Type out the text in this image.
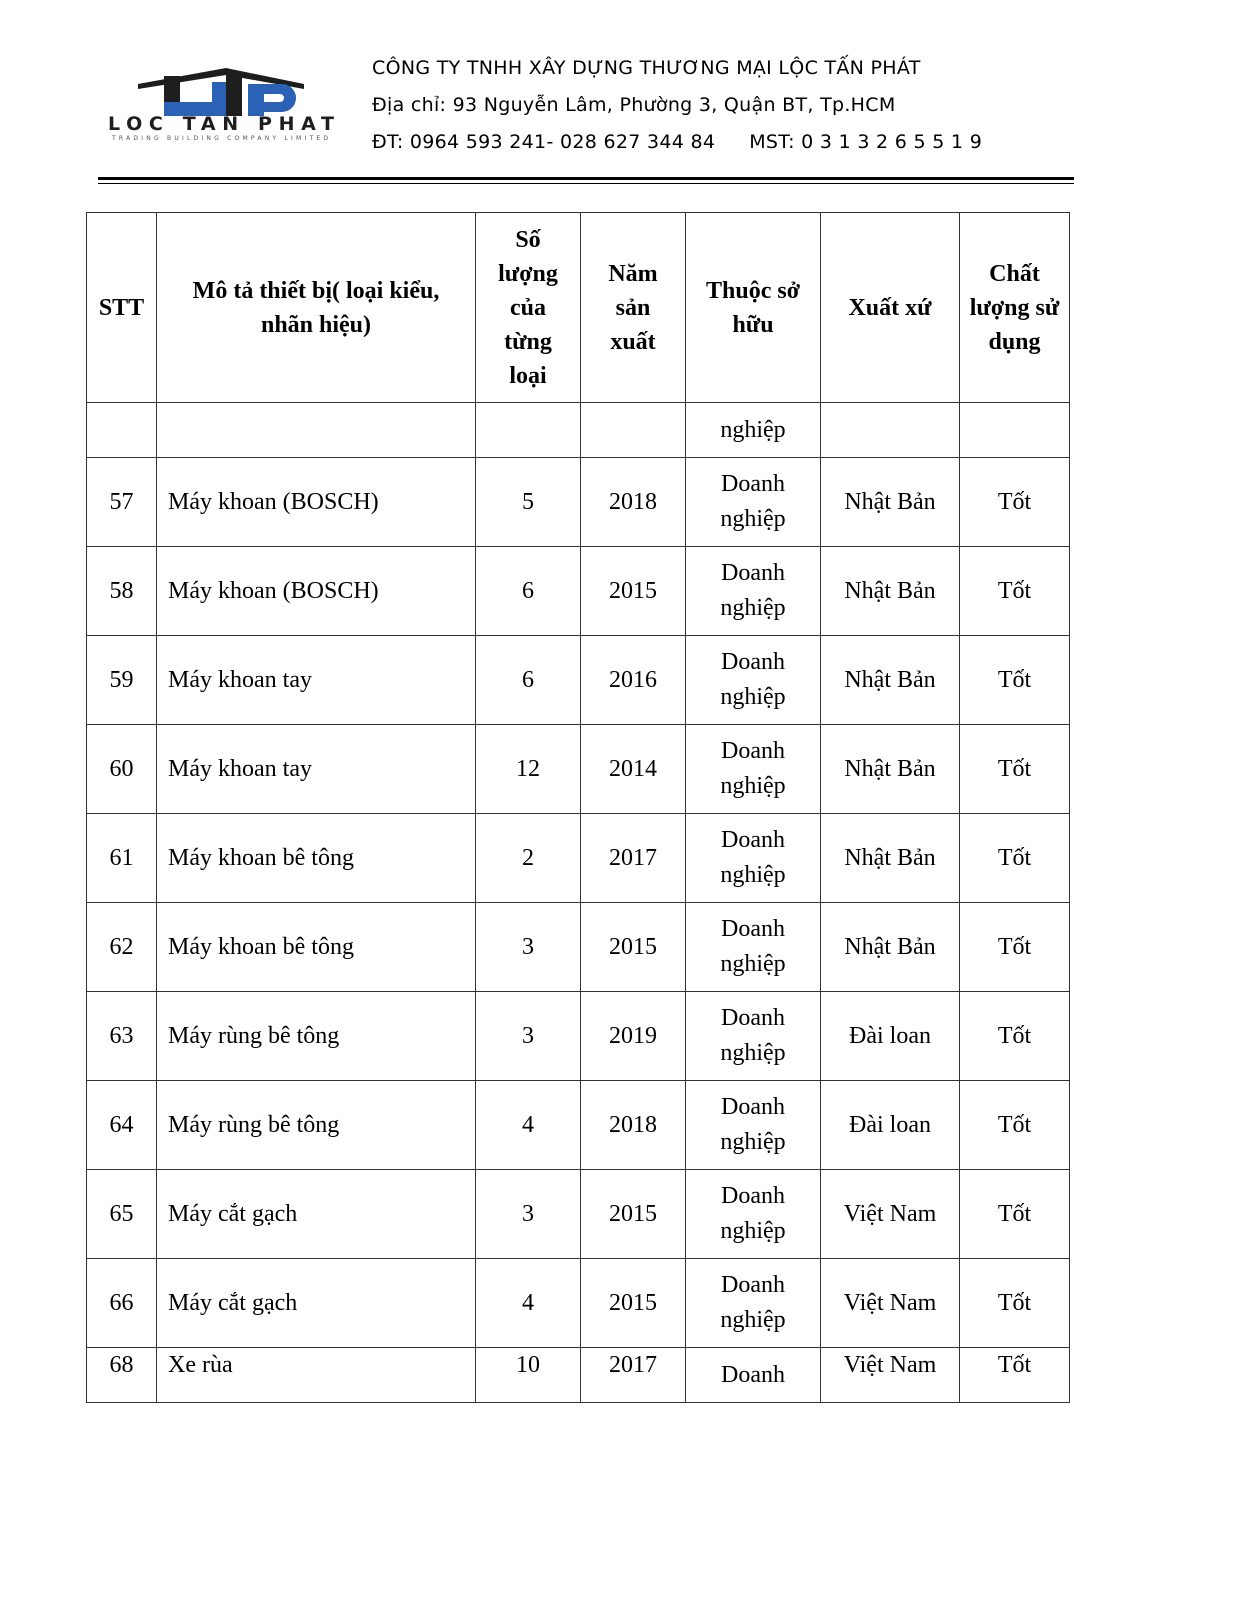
LOC TAN PHAT
TRADING BUILDING COMPANY LIMITED
CÔNG TY TNHH XÂY DỰNG THƯƠNG MẠI LỘC TẤN PHÁT
Địa chỉ: 93 Nguyễn Lâm, Phường 3, Quận BT, Tp.HCM
ĐT: 0964 593 241- 028 627 344 84 MST: 0 3 1 3 2 6 5 5 1 9
STT	Mô tả thiết bị( loại kiểu, nhãn hiệu)	Số lượng của từng loại	Năm sản xuất	Thuộc sở hữu	Xuất xứ	Chất lượng sử dụng
				nghiệp		
57	Máy khoan (BOSCH)	5	2018	Doanh nghiệp	Nhật Bản	Tốt
58	Máy khoan (BOSCH)	6	2015	Doanh nghiệp	Nhật Bản	Tốt
59	Máy khoan tay	6	2016	Doanh nghiệp	Nhật Bản	Tốt
60	Máy khoan tay	12	2014	Doanh nghiệp	Nhật Bản	Tốt
61	Máy khoan bê tông	2	2017	Doanh nghiệp	Nhật Bản	Tốt
62	Máy khoan bê tông	3	2015	Doanh nghiệp	Nhật Bản	Tốt
63	Máy rùng bê tông	3	2019	Doanh nghiệp	Đài loan	Tốt
64	Máy rùng bê tông	4	2018	Doanh nghiệp	Đài loan	Tốt
65	Máy cắt gạch	3	2015	Doanh nghiệp	Việt Nam	Tốt
66	Máy cắt gạch	4	2015	Doanh nghiệp	Việt Nam	Tốt
68	Xe rùa	10	2017	Doanh	Việt Nam	Tốt
